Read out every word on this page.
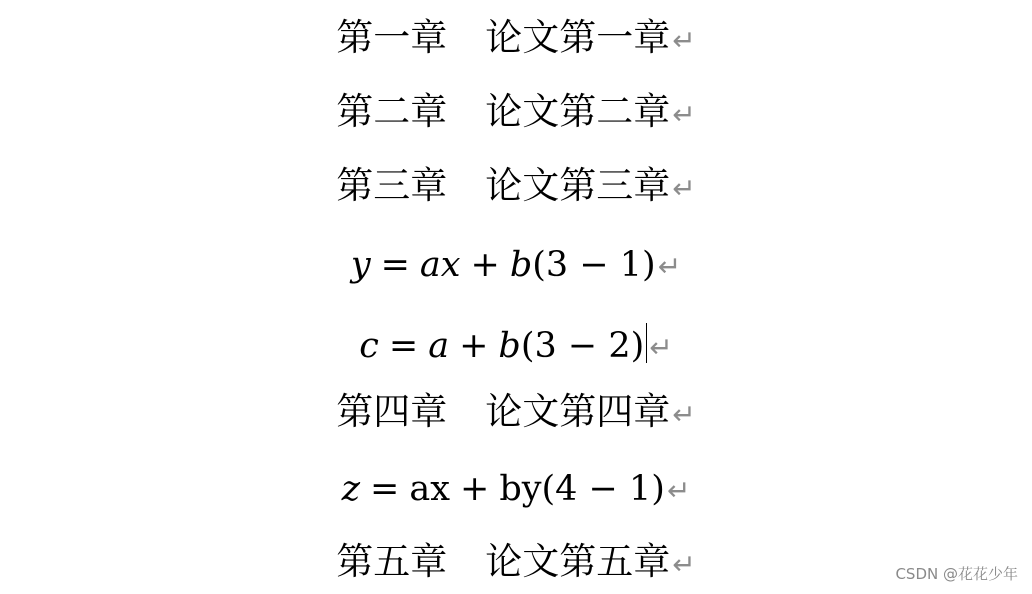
第一章 论文第一章↵
第二章 论文第二章↵
第三章 论文第三章↵
y = ax + b(3 − 1)↵
c = a + b(3 − 2) ↵
第四章 论文第四章↵
z = ax + by(4 − 1)↵
第五章 论文第五章↵	CSDN @花花少年
